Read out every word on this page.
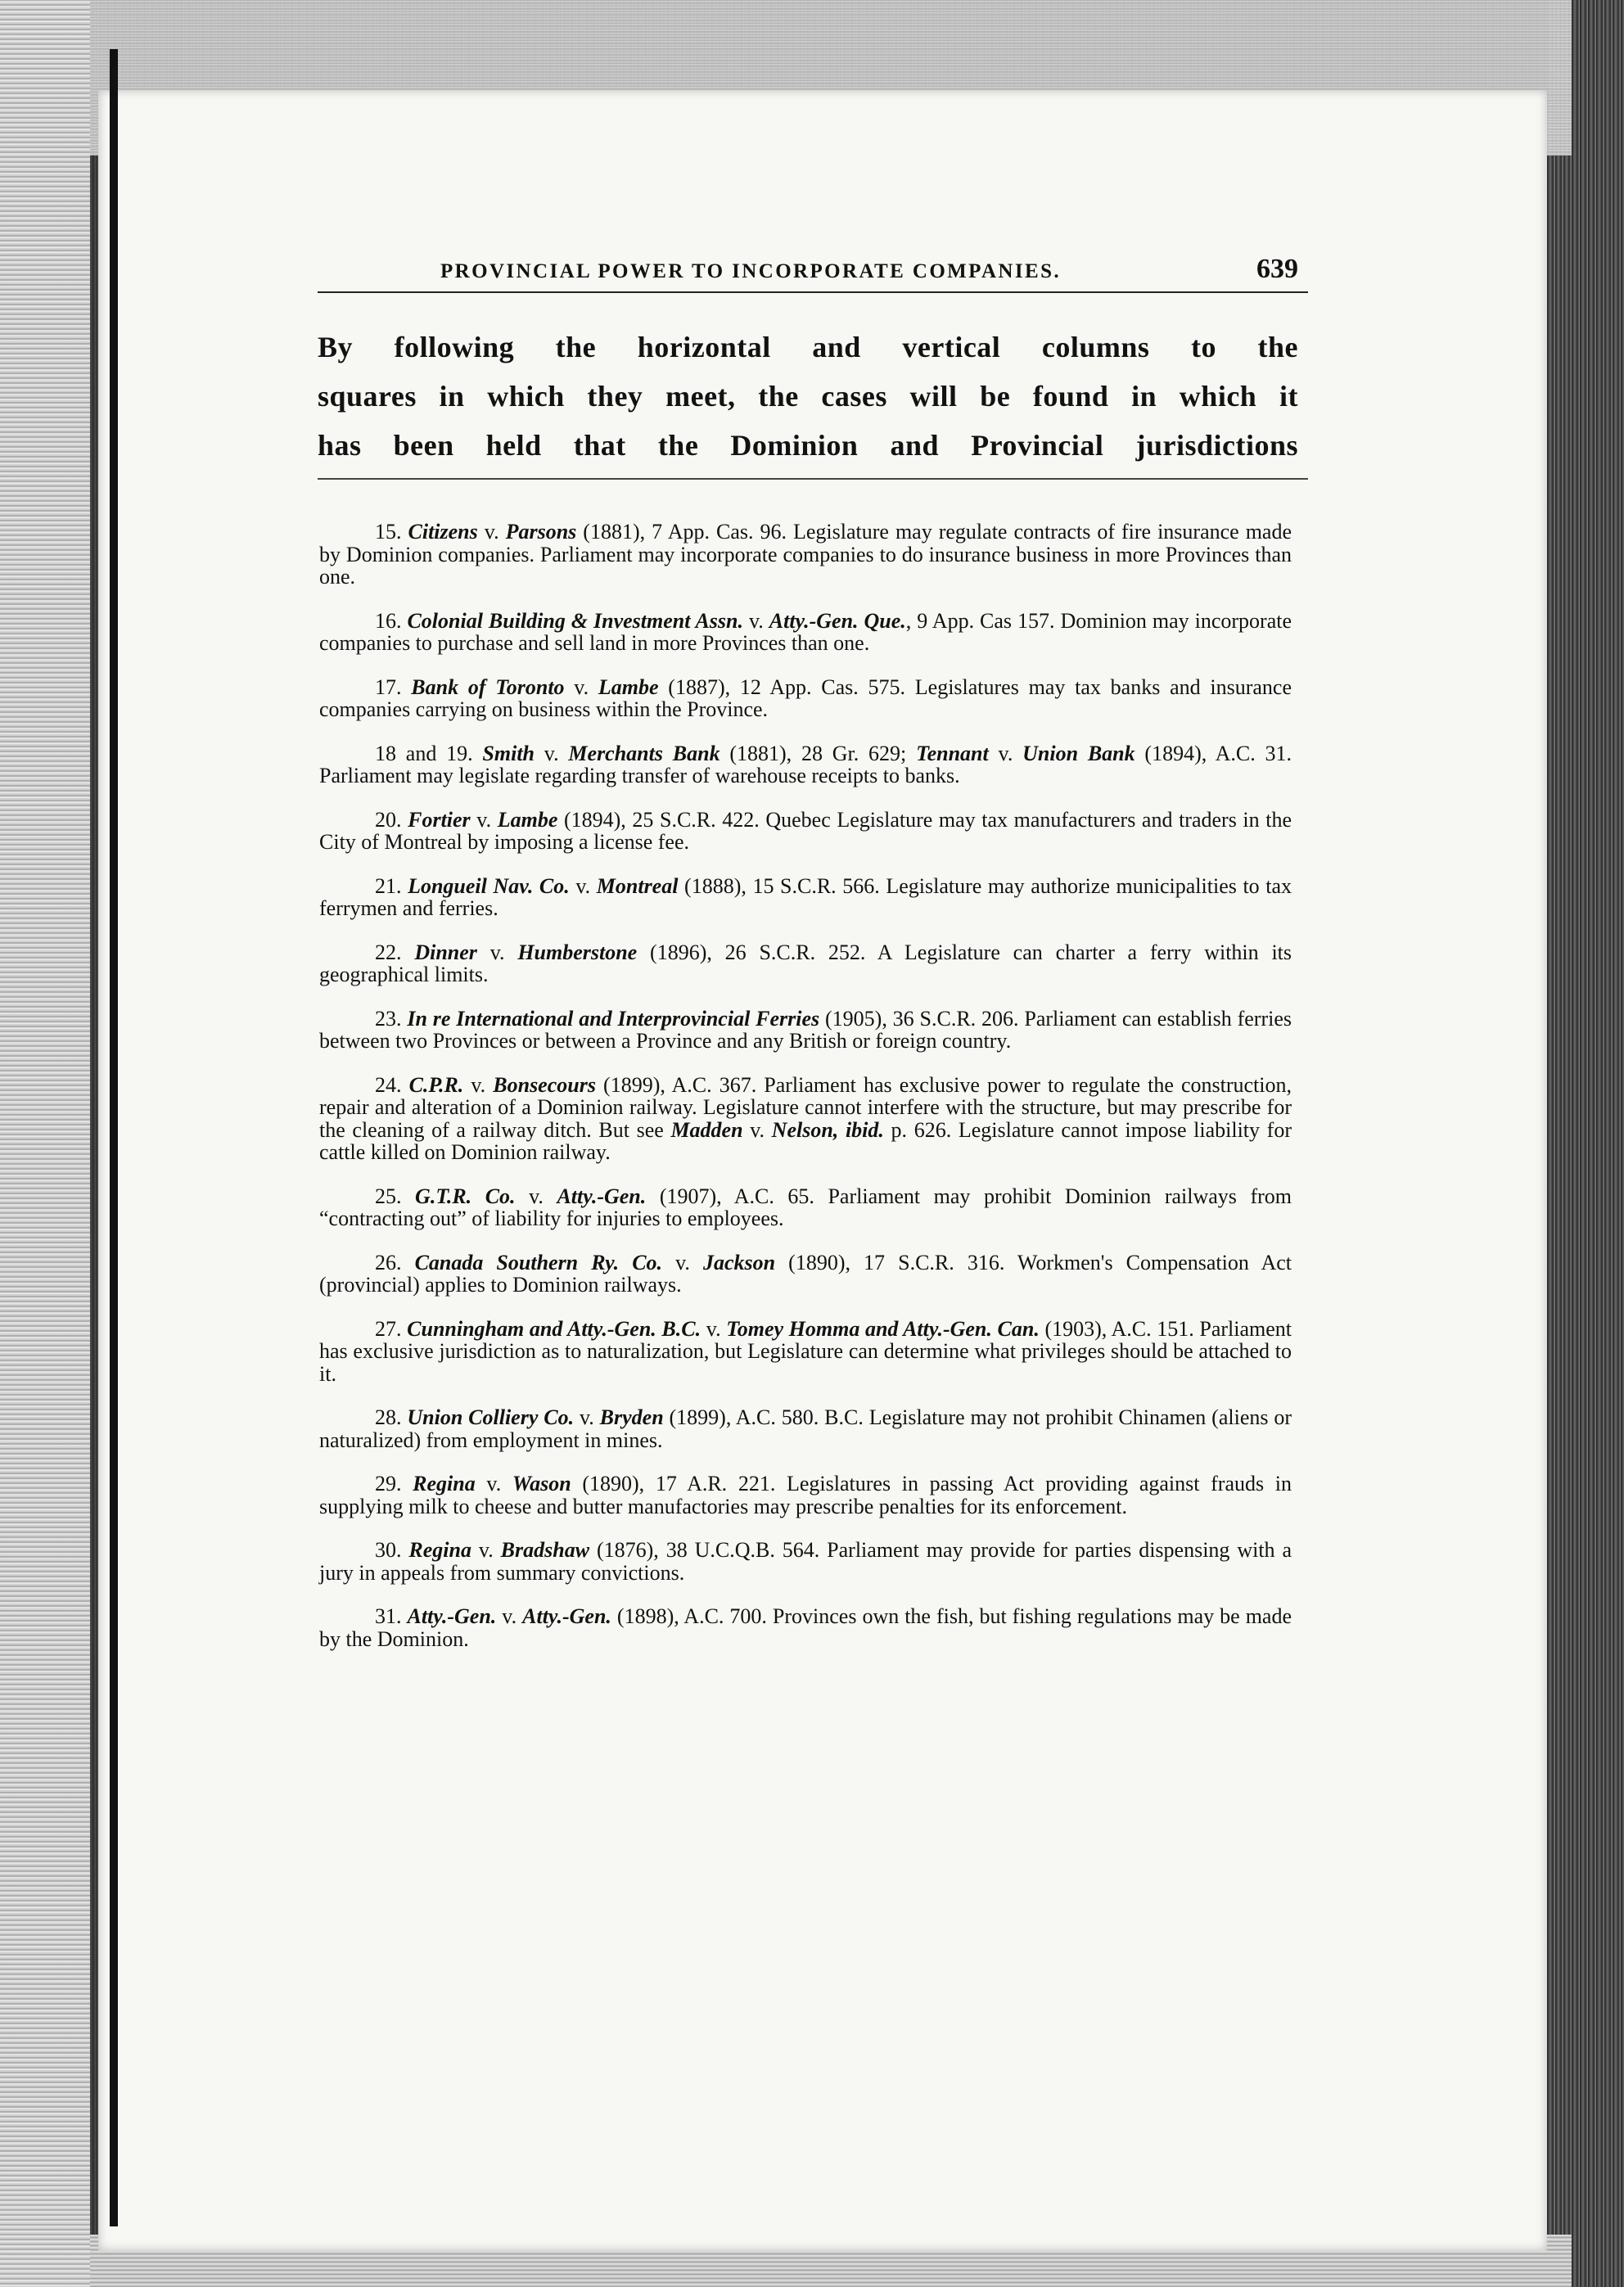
PROVINCIAL POWER TO INCORPORATE COMPANIES.	639
By following the horizontal and vertical columns to the
squares in which they meet, the cases will be found in which it
has been held that the Dominion and Provincial jurisdictions

15. Citizens v. Parsons (1881), 7 App. Cas. 96. Legislature may regulate contracts of fire insurance made by Dominion companies. Parliament may incorporate companies to do insurance business in more Provinces than one.

16. Colonial Building & Investment Assn. v. Atty.-Gen. Que., 9 App. Cas 157. Dominion may incorporate companies to purchase and sell land in more Provinces than one.

17. Bank of Toronto v. Lambe (1887), 12 App. Cas. 575. Legislatures may tax banks and insurance companies carrying on business within the Province.

18 and 19. Smith v. Merchants Bank (1881), 28 Gr. 629; Tennant v. Union Bank (1894), A.C. 31. Parliament may legislate regarding transfer of warehouse receipts to banks.

20. Fortier v. Lambe (1894), 25 S.C.R. 422. Quebec Legislature may tax manufacturers and traders in the City of Montreal by imposing a license fee.

21. Longueil Nav. Co. v. Montreal (1888), 15 S.C.R. 566. Legislature may authorize municipalities to tax ferrymen and ferries.

22. Dinner v. Humberstone (1896), 26 S.C.R. 252. A Legislature can charter a ferry within its geographical limits.

23. In re International and Interprovincial Ferries (1905), 36 S.C.R. 206. Parliament can establish ferries between two Provinces or between a Province and any British or foreign country.

24. C.P.R. v. Bonsecours (1899), A.C. 367. Parliament has exclusive power to regulate the construction, repair and alteration of a Dominion railway. Legislature cannot interfere with the structure, but may prescribe for the cleaning of a railway ditch. But see Madden v. Nelson, ibid. p. 626. Legislature cannot impose liability for cattle killed on Dominion railway.

25. G.T.R. Co. v. Atty.-Gen. (1907), A.C. 65. Parliament may prohibit Dominion railways from “contracting out” of liability for injuries to employees.

26. Canada Southern Ry. Co. v. Jackson (1890), 17 S.C.R. 316. Workmen's Compensation Act (provincial) applies to Dominion railways.

27. Cunningham and Atty.-Gen. B.C. v. Tomey Homma and Atty.-Gen. Can. (1903), A.C. 151. Parliament has exclusive jurisdiction as to naturalization, but Legislature can determine what privileges should be attached to it.

28. Union Colliery Co. v. Bryden (1899), A.C. 580. B.C. Legislature may not prohibit Chinamen (aliens or naturalized) from employment in mines.

29. Regina v. Wason (1890), 17 A.R. 221. Legislatures in passing Act providing against frauds in supplying milk to cheese and butter manufactories may prescribe penalties for its enforcement.

30. Regina v. Bradshaw (1876), 38 U.C.Q.B. 564. Parliament may provide for parties dispensing with a jury in appeals from summary convictions.

31. Atty.-Gen. v. Atty.-Gen. (1898), A.C. 700. Provinces own the fish, but fishing regulations may be made by the Dominion.
